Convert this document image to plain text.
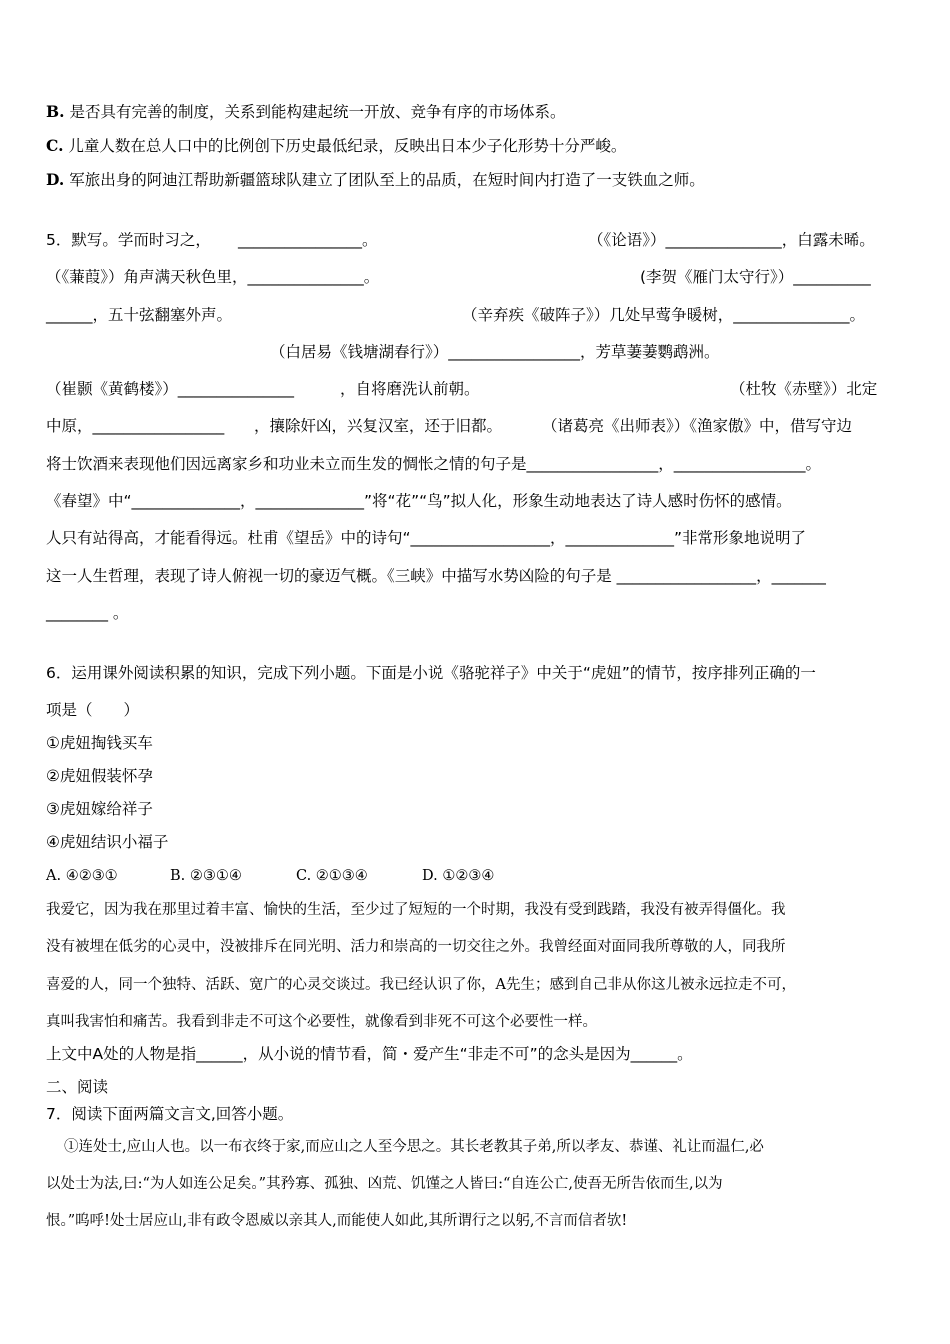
B. 是否具有完善的制度，关系到能构建起统一开放、竞争有序的市场体系。
C. 儿童人数在总人口中的比例创下历史最低纪录，反映出日本少子化形势十分严峻。
D. 军旅出身的阿迪江帮助新疆篮球队建立了团队至上的品质，在短时间内打造了一支铁血之师。
5．默写。学而时习之， ________________。	（《论语》）_______________，白露未晞。
（《蒹葭》）角声满天秋色里，_______________。	(李贺《雁门太守行》）__________
______，五十弦翻塞外声。	（辛弃疾《破阵子》）几处早莺争暖树，_______________。
（白居易《钱塘湖春行》）_________________，芳草萋萋鹦鹉洲。
（崔颢《黄鹤楼》）_______________	，自将磨洗认前朝。	（杜牧《赤壁》）北定
中原，_________________ ，攘除奸凶，兴复汉室，还于旧都。	（诸葛亮《出师表》）《渔家傲》中，借写守边
将士饮酒来表现他们因远离家乡和功业未立而生发的惆怅之情的句子是_________________，_________________。
《春望》中“______________，______________”将“花”“鸟”拟人化，形象生动地表达了诗人感时伤怀的感情。
人只有站得高，才能看得远。杜甫《望岳》中的诗句“__________________，______________”非常形象地说明了
这一人生哲理，表现了诗人俯视一切的豪迈气概。《三峡》中描写水势凶险的句子是 __________________，_______
________ 。
6．运用课外阅读积累的知识，完成下列小题。下面是小说《骆驼祥子》中关于“虎妞”的情节，按序排列正确的一
项是（　　）
①虎妞掏钱买车
②虎妞假装怀孕
③虎妞嫁给祥子
④虎妞结识小福子
A. ④②③①	B. ②③①④	C. ②①③④	D. ①②③④
我爱它，因为我在那里过着丰富、愉快的生活，至少过了短短的一个时期，我没有受到践踏，我没有被弄得僵化。我
没有被埋在低劣的心灵中，没被排斥在同光明、活力和崇高的一切交往之外。我曾经面对面同我所尊敬的人，同我所
喜爱的人，同一个独特、活跃、宽广的心灵交谈过。我已经认识了你，A先生；感到自己非从你这儿被永远拉走不可，
真叫我害怕和痛苦。我看到非走不可这个必要性，就像看到非死不可这个必要性一样。
上文中A处的人物是指______，从小说的情节看，简・爱产生“非走不可”的念头是因为______。
二、阅读
7．阅读下面两篇文言文,回答小题。
①连处士,应山人也。以一布衣终于家,而应山之人至今思之。其长老教其子弟,所以孝友、恭谨、礼让而温仁,必
以处士为法,曰:“为人如连公足矣。”其矜寡、孤独、凶荒、饥馑之人皆曰:“自连公亡,使吾无所告依而生,以为
恨。”呜呼!处士居应山,非有政令恩威以亲其人,而能使人如此,其所谓行之以躬,不言而信者欤!
